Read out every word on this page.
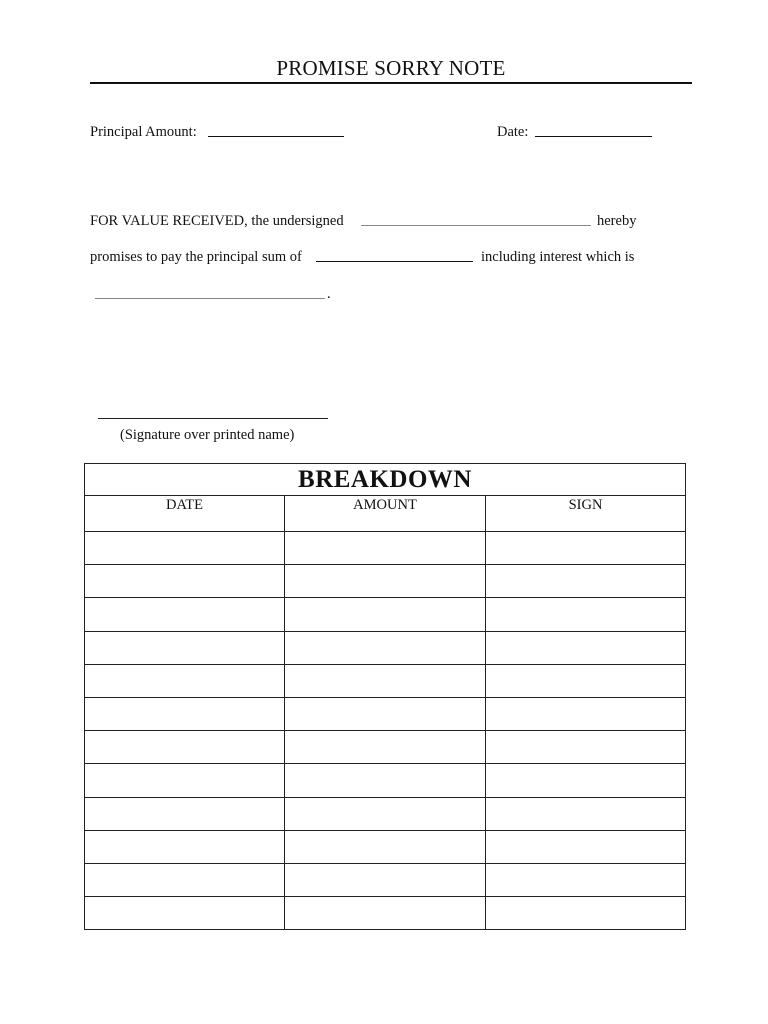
PROMISE SORRY NOTE
Principal Amount:	Date:
FOR VALUE RECEIVED, the undersigned	hereby
promises to pay the principal sum of	including interest which is
.
(Signature over printed name)
BREAKDOWN		
DATE	AMOUNT	SIGN
